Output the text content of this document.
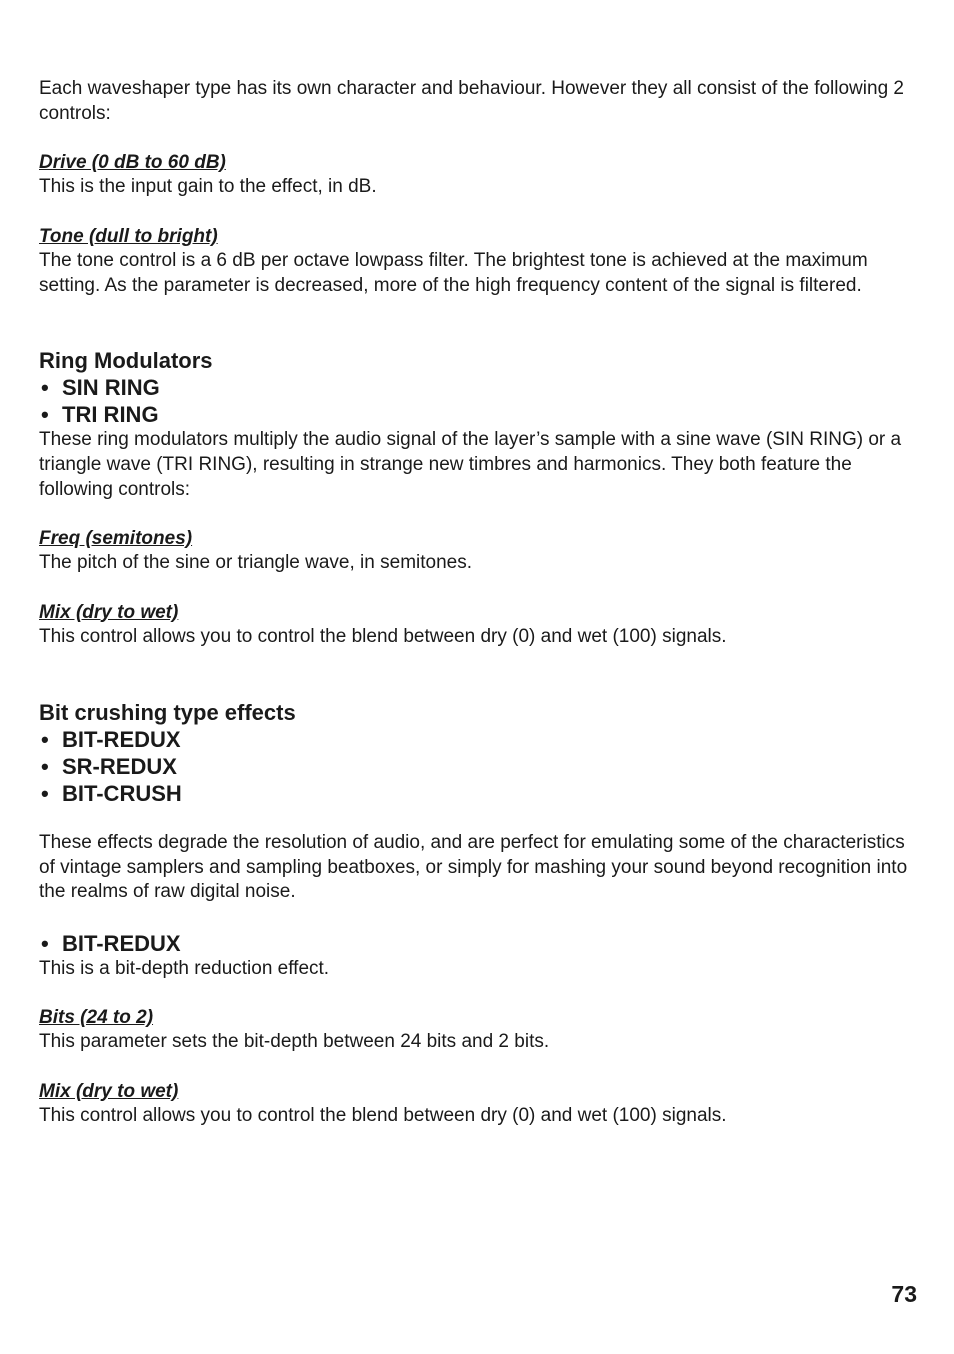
Each waveshaper type has its own character and behaviour. However they all consist of the following 2 controls:

Drive (0 dB to 60 dB)

This is the input gain to the effect, in dB.

Tone (dull to bright)

The tone control is a 6 dB per octave lowpass filter. The brightest tone is achieved at the maximum setting. As the parameter is decreased, more of the high frequency content of the signal is filtered.

Ring Modulators
• SIN RING
• TRI RING

These ring modulators multiply the audio signal of the layer’s sample with a sine wave (SIN RING) or a triangle wave (TRI RING), resulting in strange new timbres and harmonics. They both feature the following controls:

Freq (semitones)

The pitch of the sine or triangle wave, in semitones.

Mix (dry to wet)

This control allows you to control the blend between dry (0) and wet (100) signals.

Bit crushing type effects
• BIT-REDUX
• SR-REDUX
• BIT-CRUSH

These effects degrade the resolution of audio, and are perfect for emulating some of the characteristics of vintage samplers and sampling beatboxes, or simply for mashing your sound beyond recognition into the realms of raw digital noise.

• BIT-REDUX

This is a bit-depth reduction effect.

Bits (24 to 2)

This parameter sets the bit-depth between 24 bits and 2 bits.

Mix (dry to wet)

This control allows you to control the blend between dry (0) and wet (100) signals.

73
